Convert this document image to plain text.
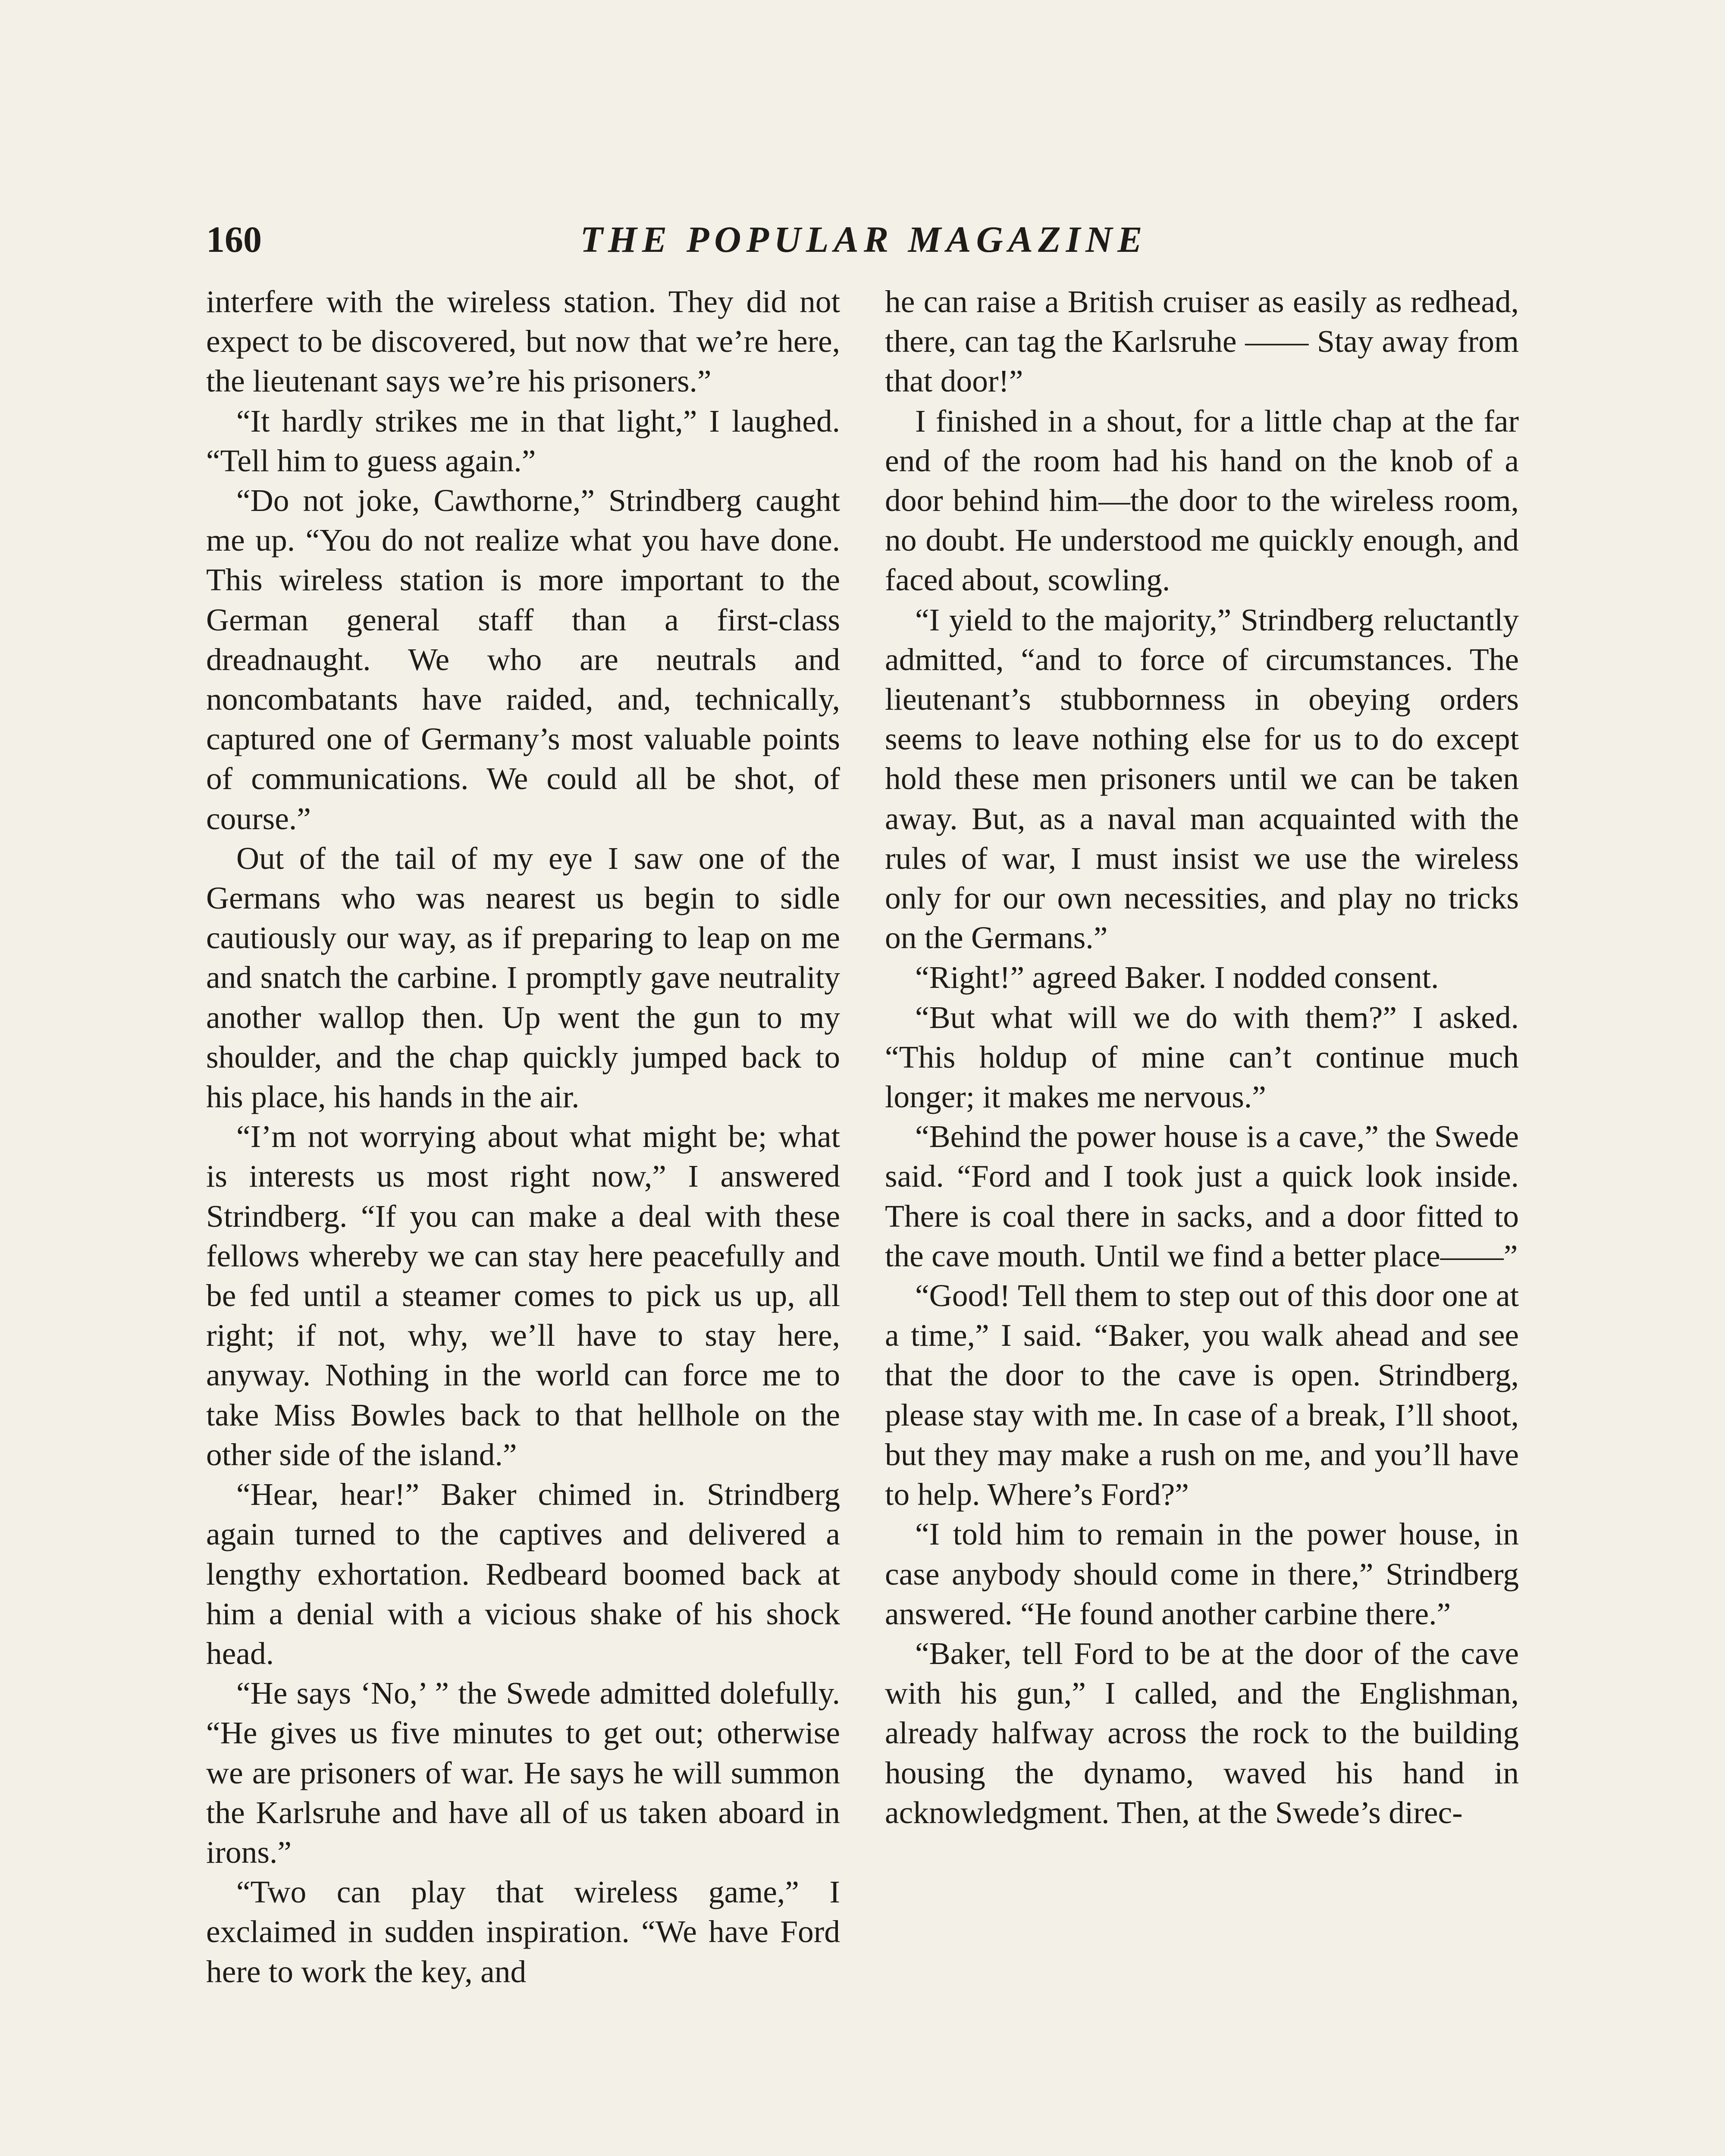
160	THE POPULAR MAGAZINE

interfere with the wireless station. They did not expect to be discovered, but now that we’re here, the lieutenant says we’re his prisoners.”

“It hardly strikes me in that light,” I laughed. “Tell him to guess again.”

“Do not joke, Cawthorne,” Strindberg caught me up. “You do not realize what you have done. This wireless station is more important to the German general staff than a first-class dreadnaught. We who are neutrals and noncombatants have raided, and, technically, captured one of Germany’s most valuable points of communications. We could all be shot, of course.”

Out of the tail of my eye I saw one of the Germans who was nearest us begin to sidle cautiously our way, as if preparing to leap on me and snatch the carbine. I promptly gave neutrality another wallop then. Up went the gun to my shoulder, and the chap quickly jumped back to his place, his hands in the air.

“I’m not worrying about what might be; what is interests us most right now,” I answered Strindberg. “If you can make a deal with these fellows whereby we can stay here peacefully and be fed until a steamer comes to pick us up, all right; if not, why, we’ll have to stay here, anyway. Nothing in the world can force me to take Miss Bowles back to that hellhole on the other side of the island.”

“Hear, hear!” Baker chimed in. Strindberg again turned to the captives and delivered a lengthy exhortation. Redbeard boomed back at him a denial with a vicious shake of his shock head.

“He says ‘No,’ ” the Swede admitted dolefully. “He gives us five minutes to get out; otherwise we are prisoners of war. He says he will summon the Karlsruhe and have all of us taken aboard in irons.”

“Two can play that wireless game,” I exclaimed in sudden inspiration. “We have Ford here to work the key, and

he can raise a British cruiser as easily as redhead, there, can tag the Karlsruhe —— Stay away from that door!”

I finished in a shout, for a little chap at the far end of the room had his hand on the knob of a door behind him—the door to the wireless room, no doubt. He understood me quickly enough, and faced about, scowling.

“I yield to the majority,” Strindberg reluctantly admitted, “and to force of circumstances. The lieutenant’s stubbornness in obeying orders seems to leave nothing else for us to do except hold these men prisoners until we can be taken away. But, as a naval man acquainted with the rules of war, I must insist we use the wireless only for our own necessities, and play no tricks on the Germans.”

“Right!” agreed Baker. I nodded consent.

“But what will we do with them?” I asked. “This holdup of mine can’t continue much longer; it makes me nervous.”

“Behind the power house is a cave,” the Swede said. “Ford and I took just a quick look inside. There is coal there in sacks, and a door fitted to the cave mouth. Until we find a better place——”

“Good! Tell them to step out of this door one at a time,” I said. “Baker, you walk ahead and see that the door to the cave is open. Strindberg, please stay with me. In case of a break, I’ll shoot, but they may make a rush on me, and you’ll have to help. Where’s Ford?”

“I told him to remain in the power house, in case anybody should come in there,” Strindberg answered. “He found another carbine there.”

“Baker, tell Ford to be at the door of the cave with his gun,” I called, and the Englishman, already halfway across the rock to the building housing the dynamo, waved his hand in acknowledgment. Then, at the Swede’s direc-
